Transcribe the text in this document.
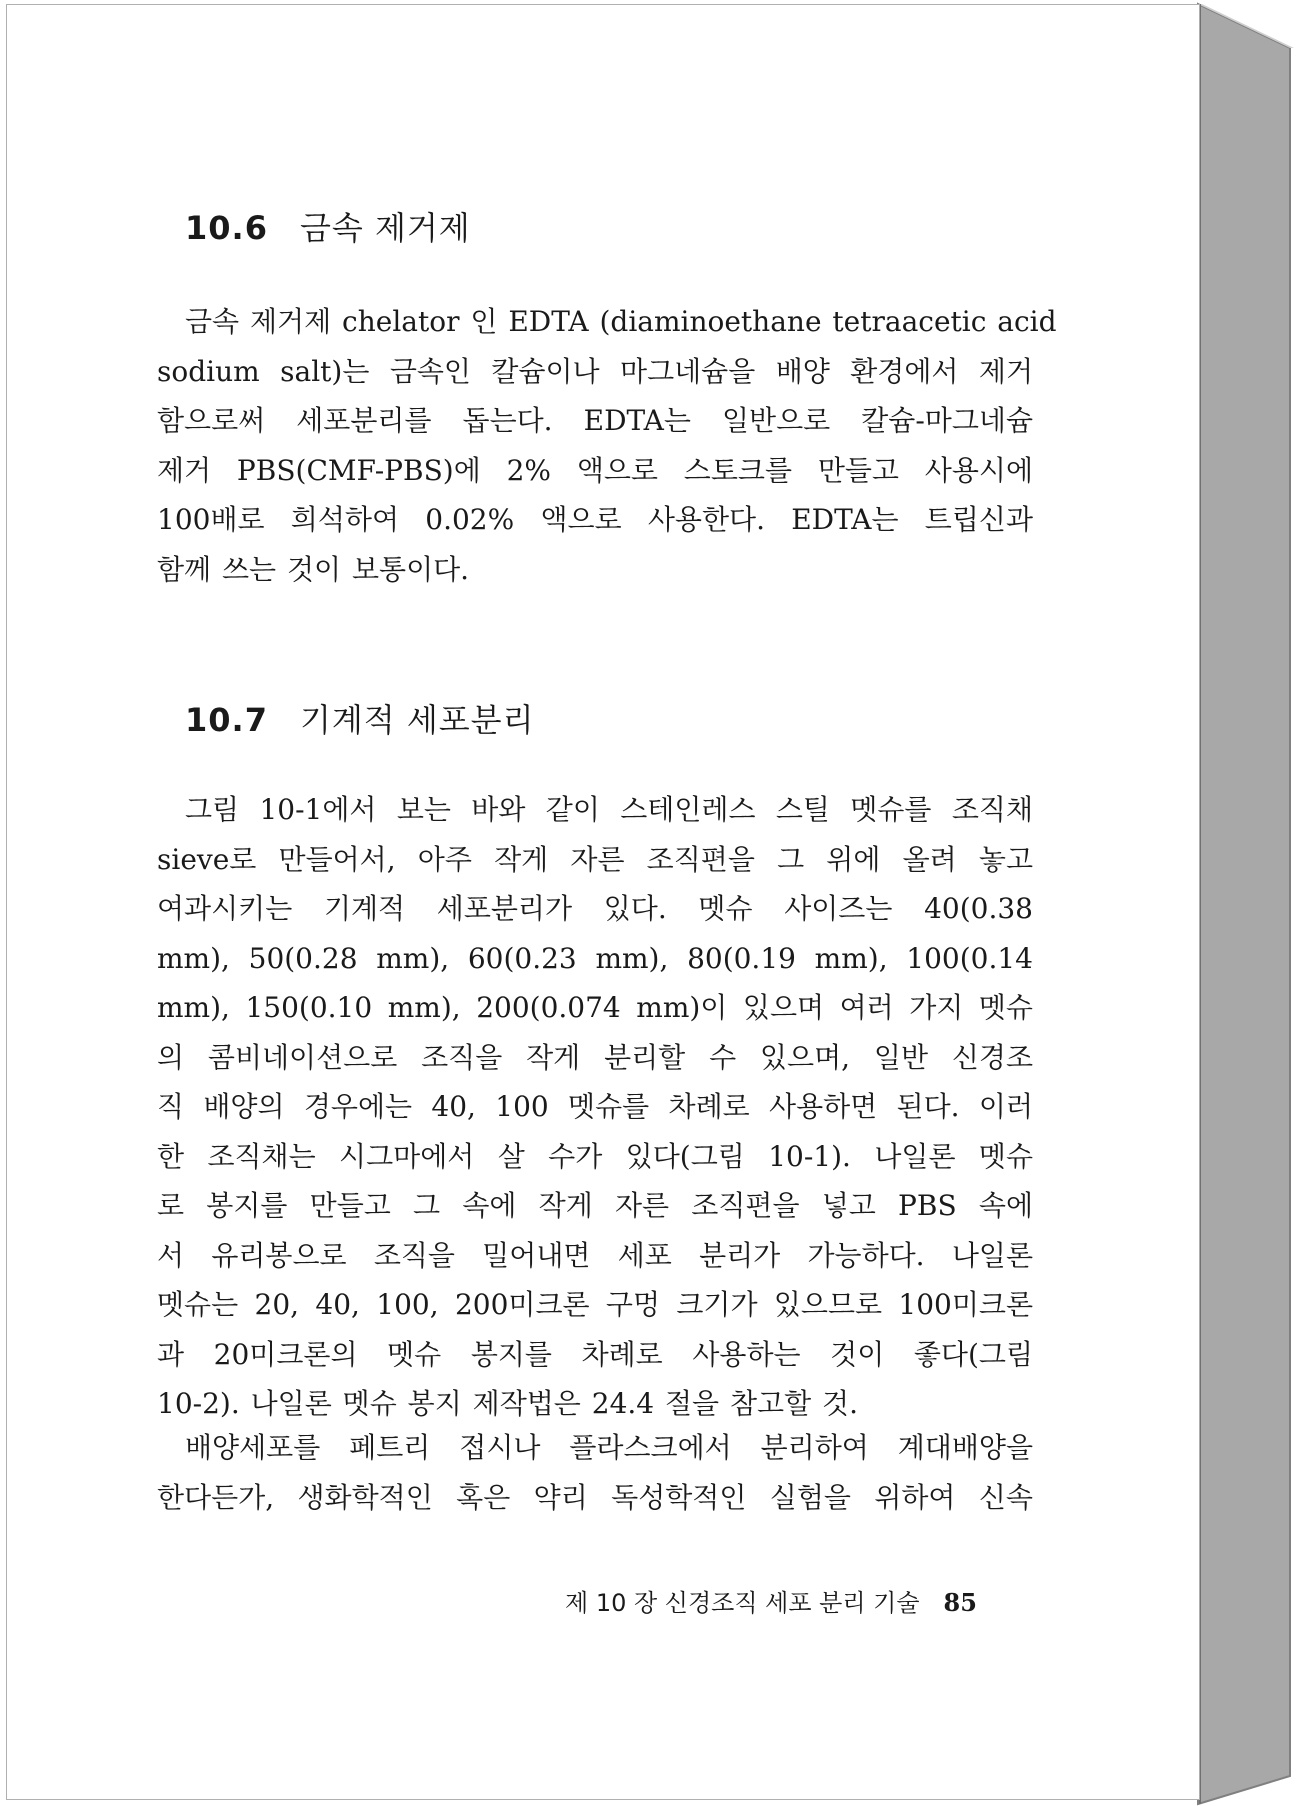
10.6 금속 제거제
금속 제거제 chelator 인 EDTA (diaminoethane tetraacetic acid
sodium salt)는 금속인 칼슘이나 마그네슘을 배양 환경에서 제거
함으로써 세포분리를 돕는다. EDTA는 일반으로 칼슘-마그네슘
제거 PBS(CMF-PBS)에 2% 액으로 스토크를 만들고 사용시에
100배로 희석하여 0.02% 액으로 사용한다. EDTA는 트립신과
함께 쓰는 것이 보통이다.
10.7 기계적 세포분리
그림 10-1에서 보는 바와 같이 스테인레스 스틸 멧슈를 조직채
sieve로 만들어서, 아주 작게 자른 조직편을 그 위에 올려 놓고
여과시키는 기계적 세포분리가 있다. 멧슈 사이즈는 40(0.38
mm), 50(0.28 mm), 60(0.23 mm), 80(0.19 mm), 100(0.14
mm), 150(0.10 mm), 200(0.074 mm)이 있으며 여러 가지 멧슈
의 콤비네이션으로 조직을 작게 분리할 수 있으며, 일반 신경조
직 배양의 경우에는 40, 100 멧슈를 차례로 사용하면 된다. 이러
한 조직채는 시그마에서 살 수가 있다(그림 10-1). 나일론 멧슈
로 봉지를 만들고 그 속에 작게 자른 조직편을 넣고 PBS 속에
서 유리봉으로 조직을 밀어내면 세포 분리가 가능하다. 나일론
멧슈는 20, 40, 100, 200미크론 구멍 크기가 있으므로 100미크론
과 20미크론의 멧슈 봉지를 차례로 사용하는 것이 좋다(그림
10-2). 나일론 멧슈 봉지 제작법은 24.4 절을 참고할 것.
배양세포를 페트리 접시나 플라스크에서 분리하여 계대배양을
한다든가, 생화학적인 혹은 약리 독성학적인 실험을 위하여 신속
제 10 장 신경조직 세포 분리 기술 85
